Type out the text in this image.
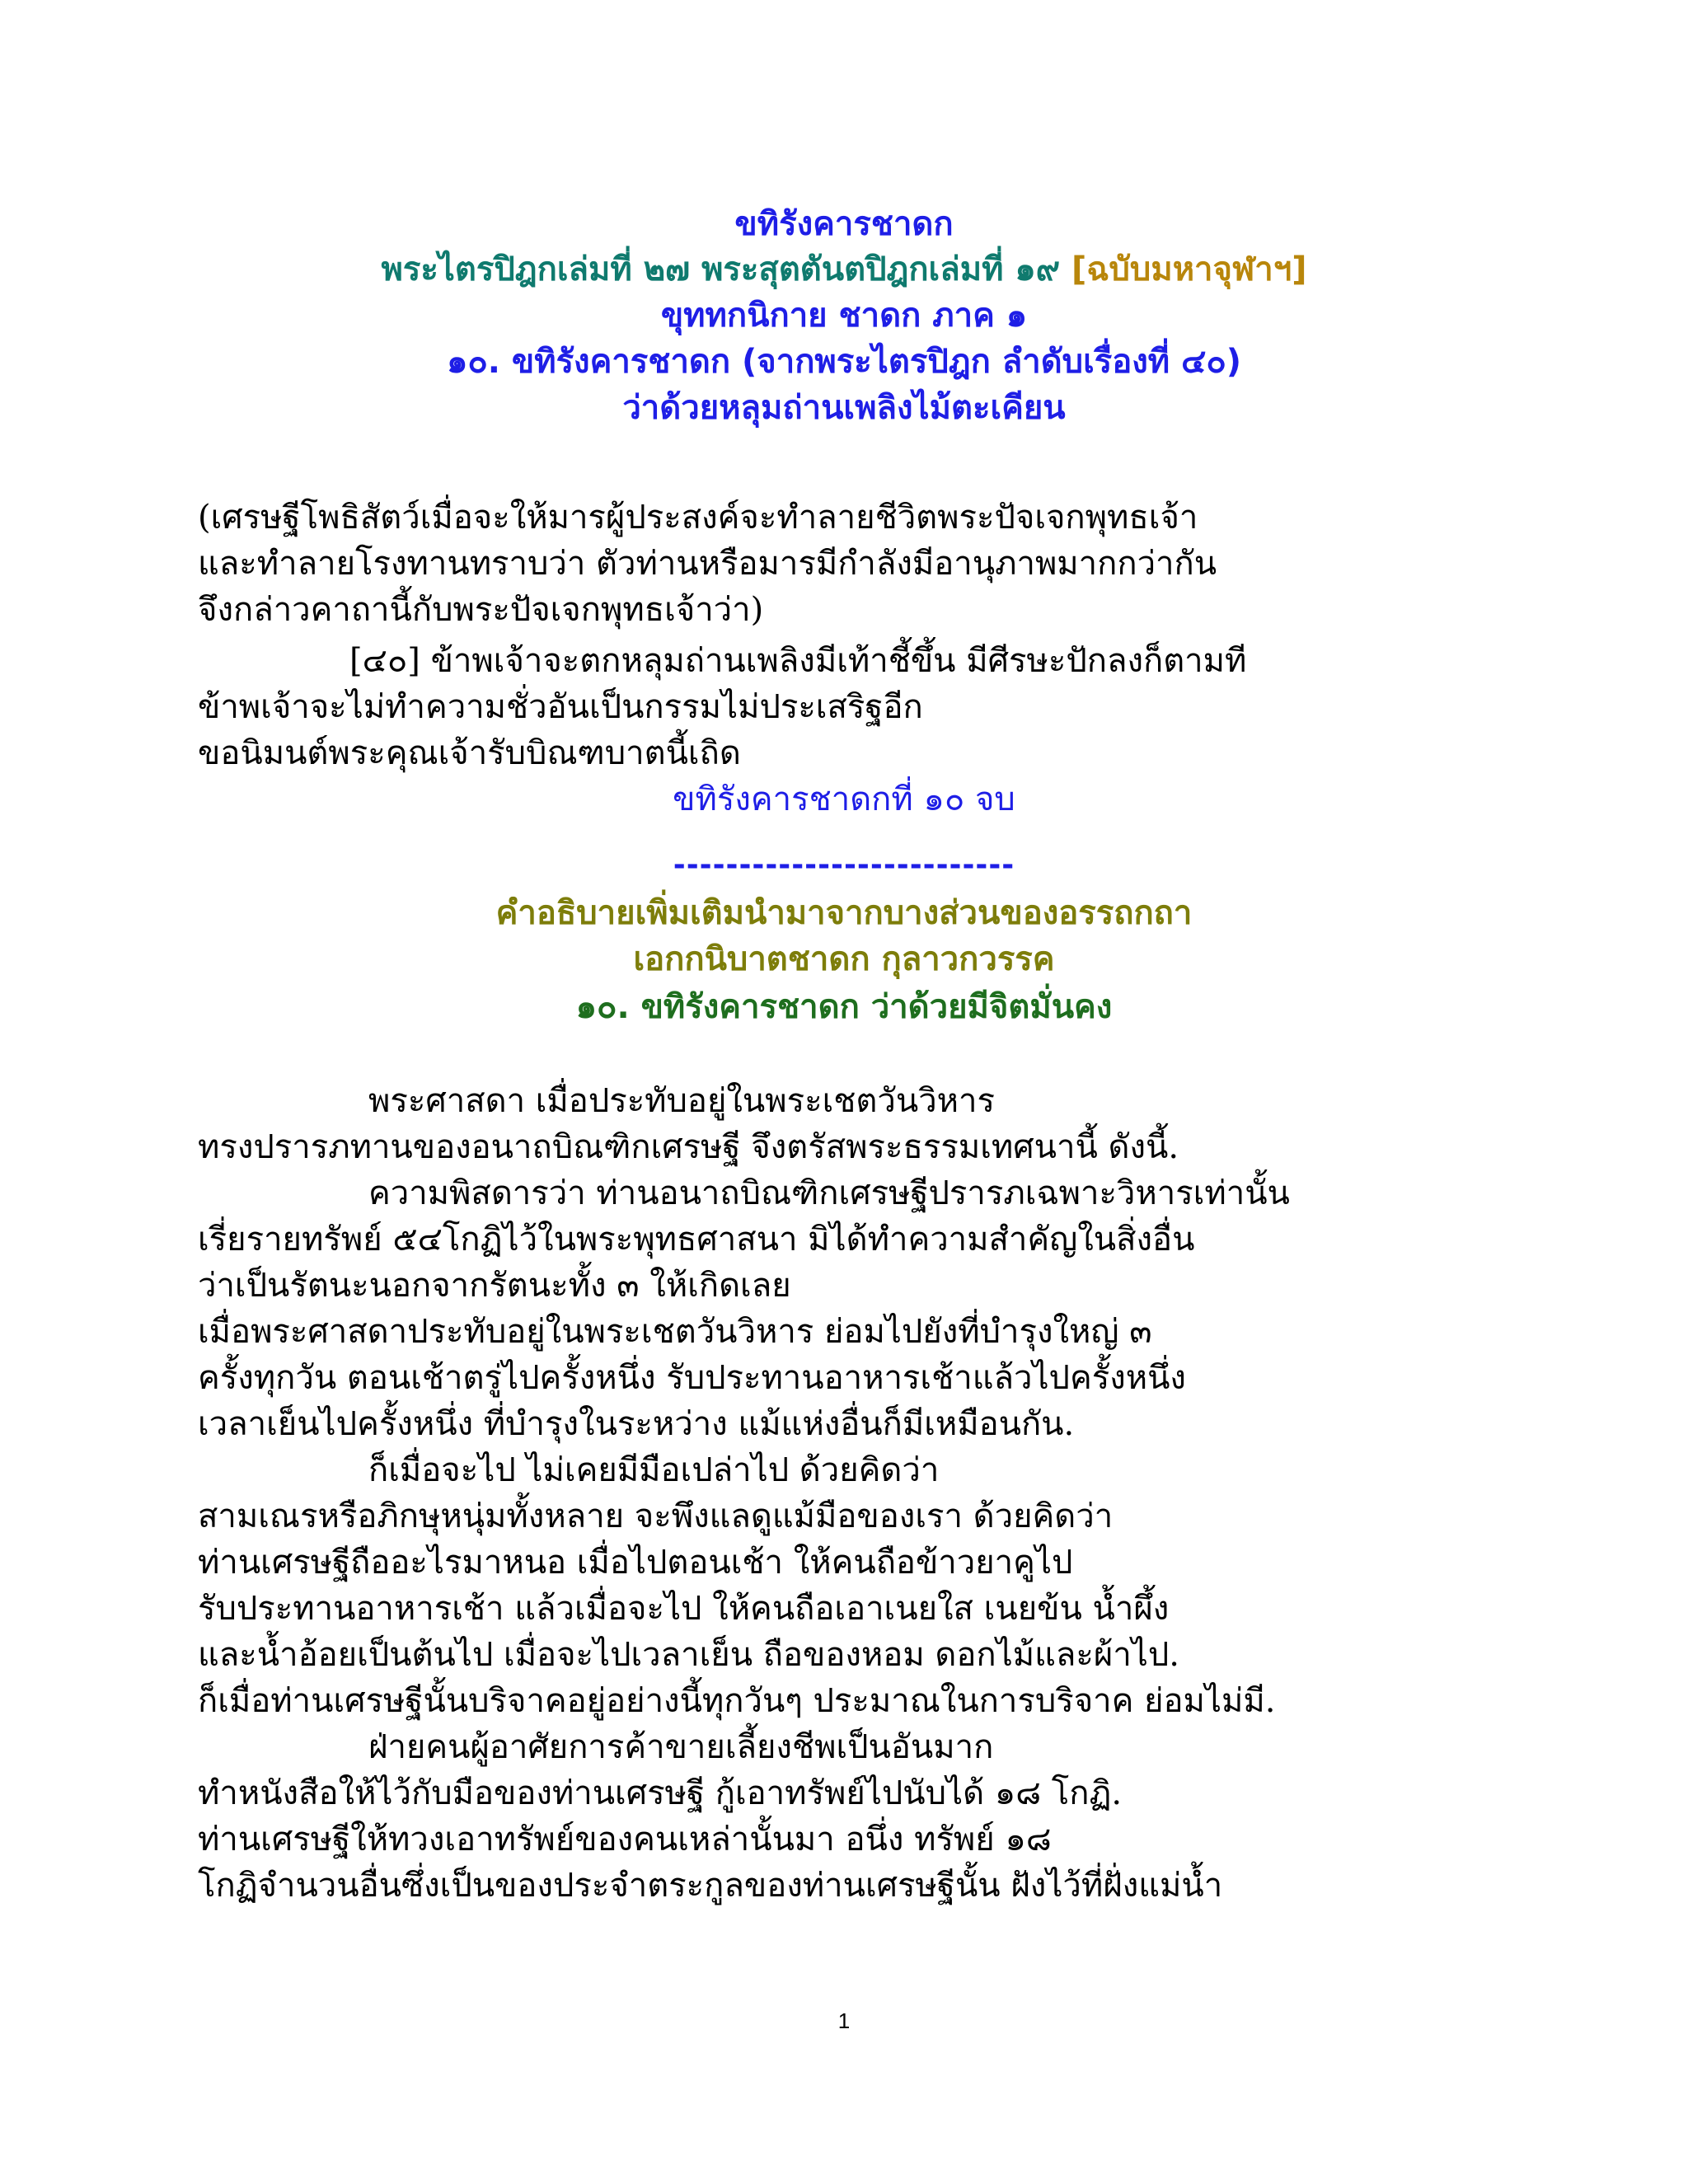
ขทิรังคารชาดก
พระไตรปิฎกเล่มที่ ๒๗ พระสุตตันตปิฎกเล่มที่ ๑๙ [ฉบับมหาจุฬาฯ]
ขุททกนิกาย ชาดก ภาค ๑
๑๐. ขทิรังคารชาดก (จากพระไตรปิฎก ลำดับเรื่องที่ ๔๐)
ว่าด้วยหลุมถ่านเพลิงไม้ตะเคียน
(เศรษฐีโพธิสัตว์เมื่อจะให้มารผู้ประสงค์จะทำลายชีวิตพระปัจเจกพุทธเจ้า
และทำลายโรงทานทราบว่า ตัวท่านหรือมารมีกำลังมีอานุภาพมากกว่ากัน
จึงกล่าวคาถานี้กับพระปัจเจกพุทธเจ้าว่า)
[๔๐] ข้าพเจ้าจะตกหลุมถ่านเพลิงมีเท้าชี้ขึ้น มีศีรษะปักลงก็ตามที
ข้าพเจ้าจะไม่ทำความชั่วอันเป็นกรรมไม่ประเสริฐอีก
ขอนิมนต์พระคุณเจ้ารับบิณฑบาตนี้เถิด
ขทิรังคารชาดกที่ ๑๐ จบ
--------------------------
คำอธิบายเพิ่มเติมนำมาจากบางส่วนของอรรถกถา
เอกกนิบาตชาดก กุลาวกวรรค
๑๐. ขทิรังคารชาดก ว่าด้วยมีจิตมั่นคง
พระศาสดา เมื่อประทับอยู่ในพระเชตวันวิหาร
ทรงปรารภทานของอนาถบิณฑิกเศรษฐี จึงตรัสพระธรรมเทศนานี้ ดังนี้.
ความพิสดารว่า ท่านอนาถบิณฑิกเศรษฐีปรารภเฉพาะวิหารเท่านั้น
เรี่ยรายทรัพย์ ๕๔โกฏิไว้ในพระพุทธศาสนา มิได้ทำความสำคัญในสิ่งอื่น
ว่าเป็นรัตนะนอกจากรัตนะทั้ง ๓ ให้เกิดเลย
เมื่อพระศาสดาประทับอยู่ในพระเชตวันวิหาร ย่อมไปยังที่บำรุงใหญ่ ๓
ครั้งทุกวัน ตอนเช้าตรู่ไปครั้งหนึ่ง รับประทานอาหารเช้าแล้วไปครั้งหนึ่ง
เวลาเย็นไปครั้งหนึ่ง ที่บำรุงในระหว่าง แม้แห่งอื่นก็มีเหมือนกัน.
ก็เมื่อจะไป ไม่เคยมีมือเปล่าไป ด้วยคิดว่า
สามเณรหรือภิกษุหนุ่มทั้งหลาย จะพึงแลดูแม้มือของเรา ด้วยคิดว่า
ท่านเศรษฐีถืออะไรมาหนอ เมื่อไปตอนเช้า ให้คนถือข้าวยาคูไป
รับประทานอาหารเช้า แล้วเมื่อจะไป ให้คนถือเอาเนยใส เนยข้น น้ำผึ้ง
และน้ำอ้อยเป็นต้นไป เมื่อจะไปเวลาเย็น ถือของหอม ดอกไม้และผ้าไป.
ก็เมื่อท่านเศรษฐีนั้นบริจาคอยู่อย่างนี้ทุกวันๆ ประมาณในการบริจาค ย่อมไม่มี.
ฝ่ายคนผู้อาศัยการค้าขายเลี้ยงชีพเป็นอันมาก
ทำหนังสือให้ไว้กับมือของท่านเศรษฐี กู้เอาทรัพย์ไปนับได้ ๑๘ โกฏิ.
ท่านเศรษฐีให้ทวงเอาทรัพย์ของคนเหล่านั้นมา อนึ่ง ทรัพย์ ๑๘
โกฏิจำนวนอื่นซึ่งเป็นของประจำตระกูลของท่านเศรษฐีนั้น ฝังไว้ที่ฝั่งแม่น้ำ
1
